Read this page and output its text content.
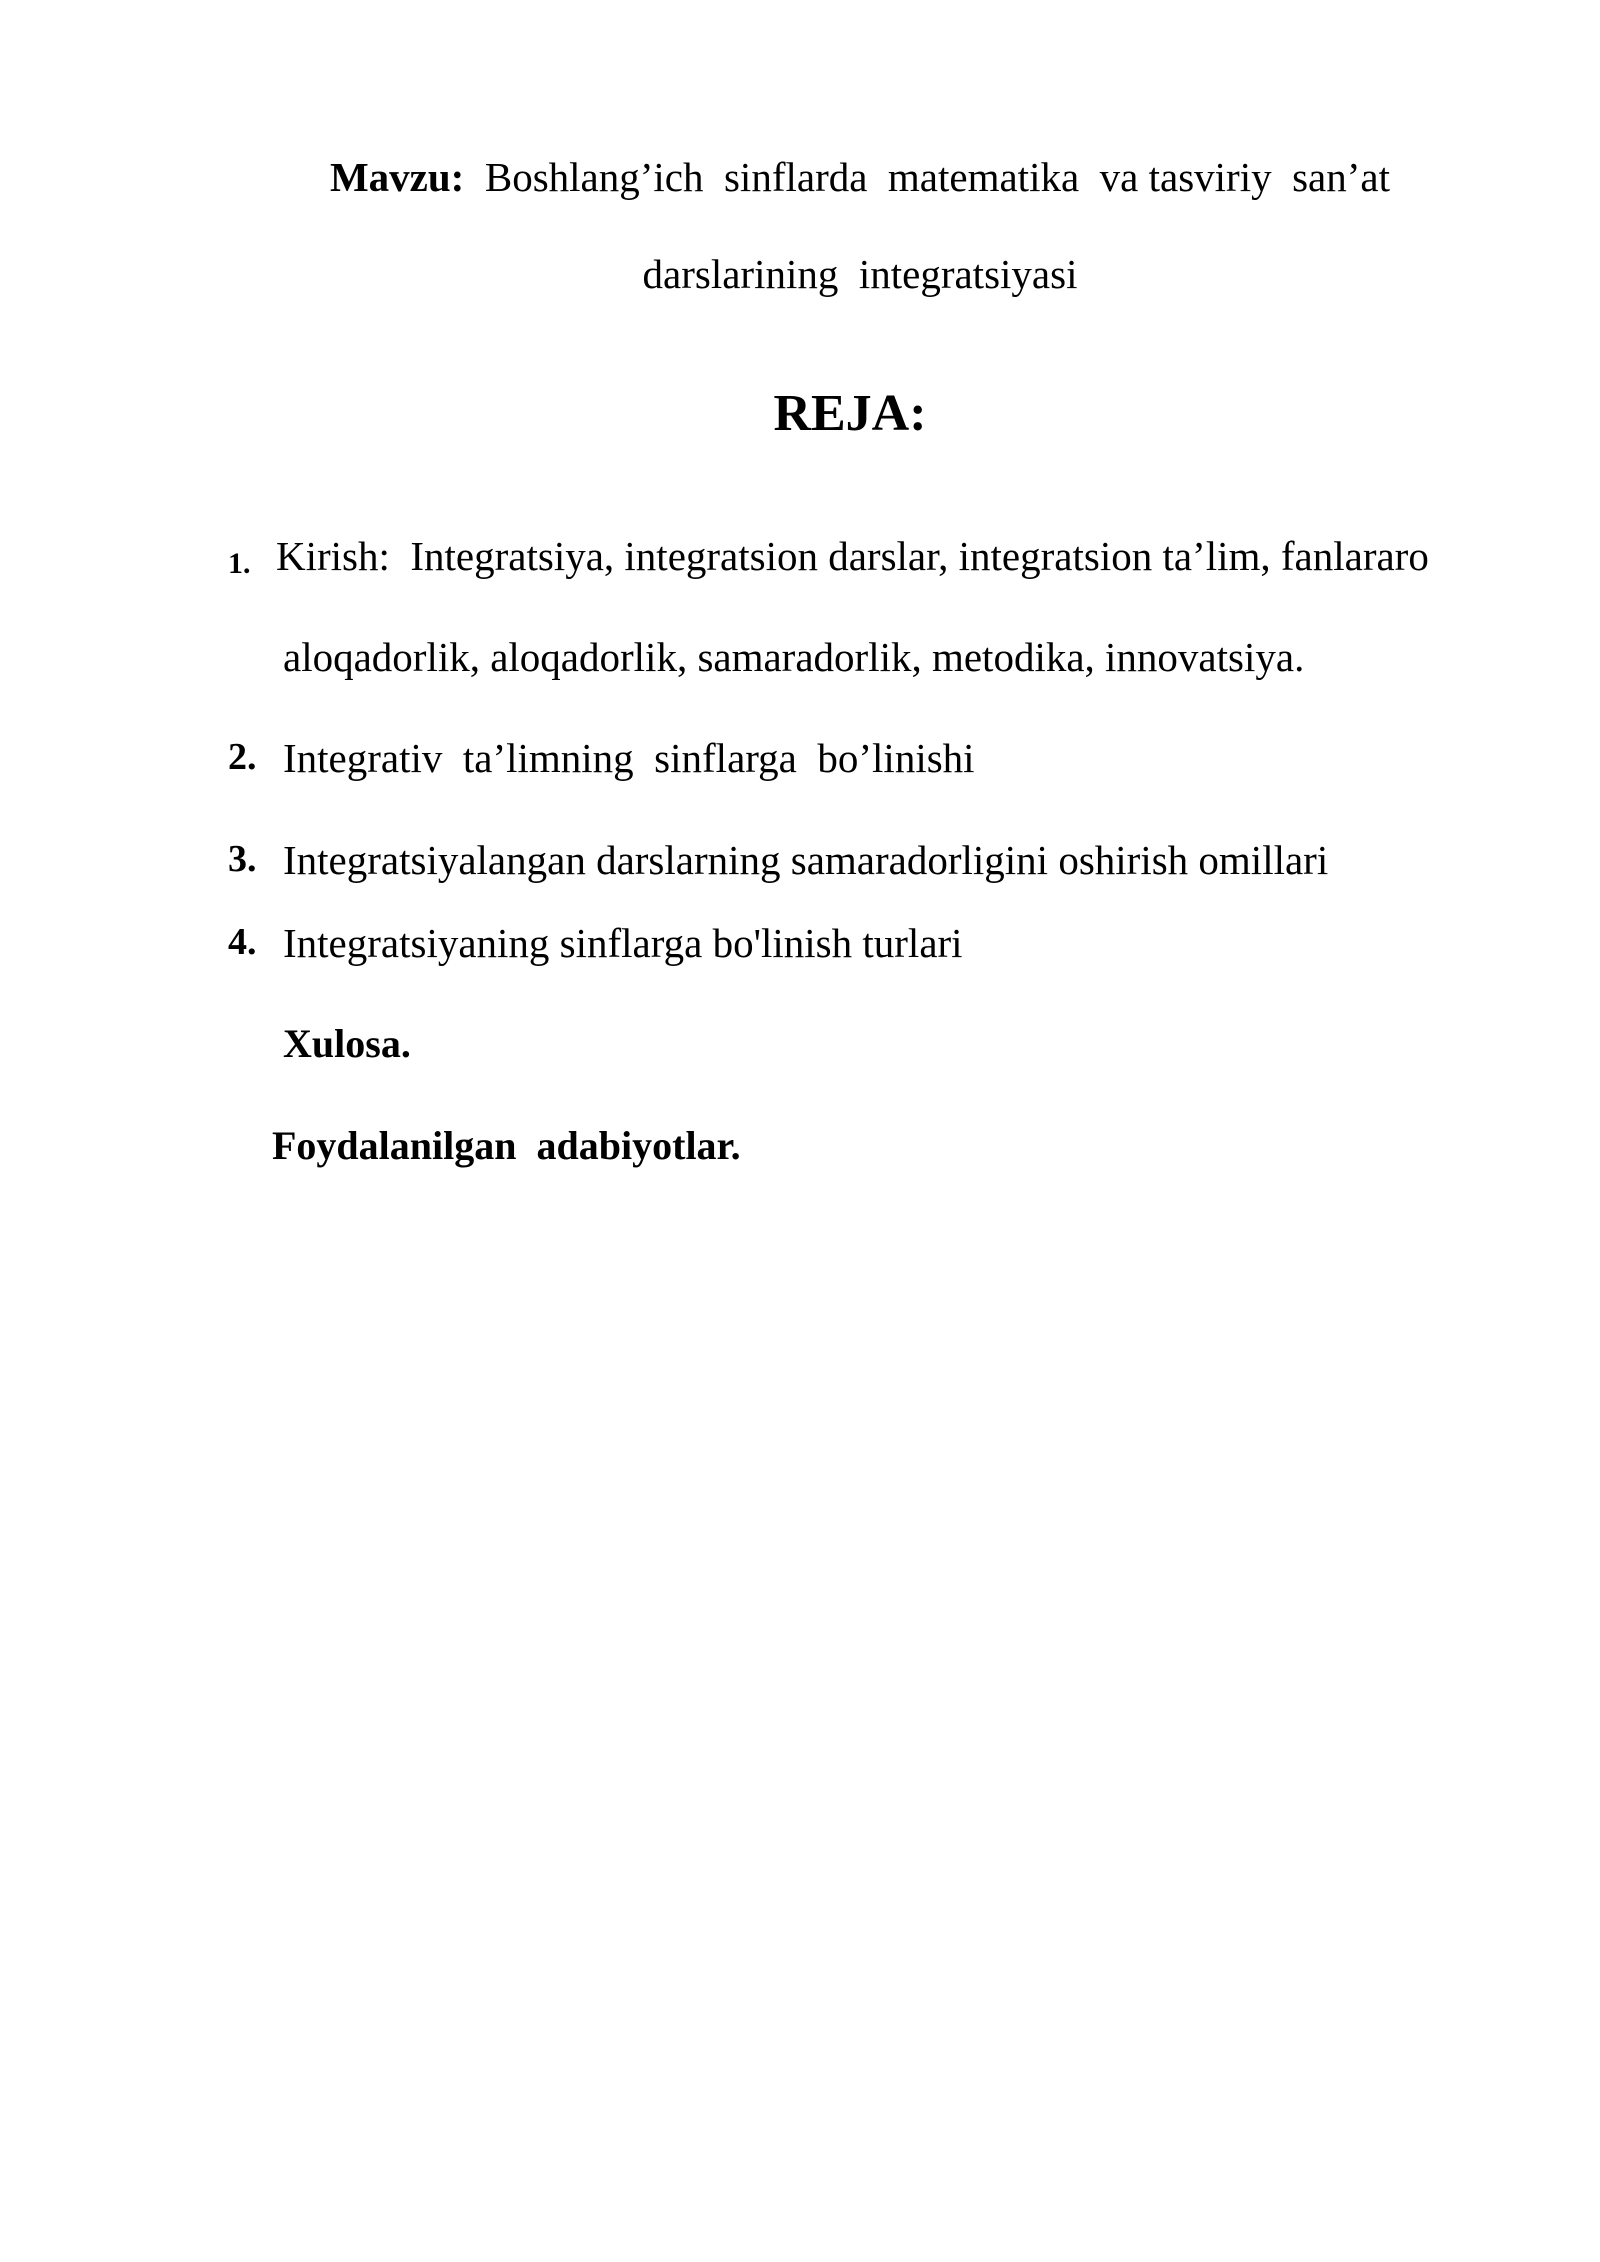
Mavzu:  Boshlang’ich  sinflarda  matematika  va tasviriy  san’at
darslarining  integratsiyasi
REJA:
1. Kirish:  Integratsiya, integratsion darslar, integratsion ta’lim, fanlararo
aloqadorlik, aloqadorlik, samaradorlik, metodika, innovatsiya.
2. Integrativ  ta’limning  sinflarga  bo’linishi
3. Integratsiyalangan darslarning samaradorligini oshirish omillari
4. Integratsiyaning sinflarga bo'linish turlari
Xulosa.
Foydalanilgan  adabiyotlar.
